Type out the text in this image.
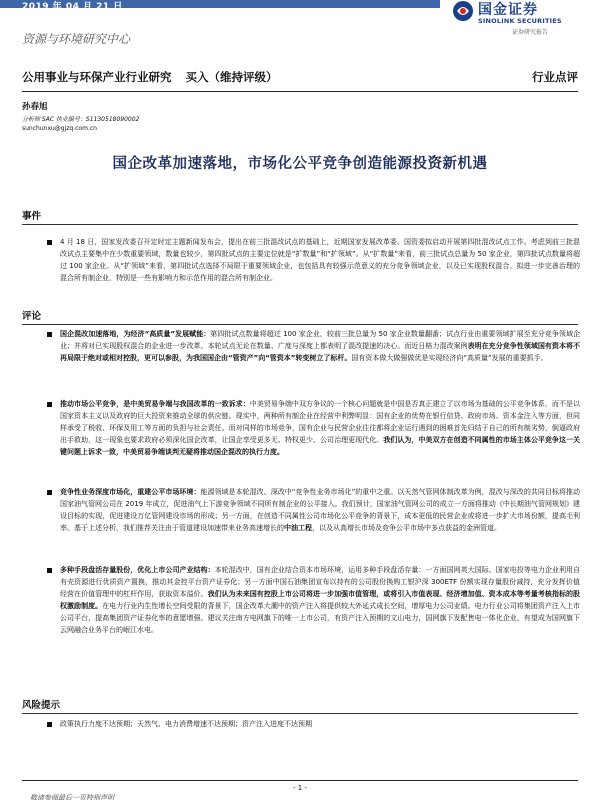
2019 年 04 月 21 日	国金证券
SINOLINK SECURITIES
证券研究报告
资源与环境研究中心
公用事业与环保产业行业研究 买入（维持评级）	行业点评
孙春旭
分析师 SAC 执业编号：S1130518090002
sunchunxu@gjzq.com.cn
国企改革加速落地，市场化公平竞争创造能源投资新机遇
事件
4 月 18 日，国家发改委召开定时定主题新闻发布会，提出在前三批混改试点的基础上，近期国家发展改革委、国资委拟启动开展第四批混改试点工作。考虑到前三批混改试点主要集中在少数重要领域，数量也较少，第四批试点的主要定位就是“扩数量”和“扩领域”。从“扩数量”来看，前三批试点总量为 50 家企业，第四批试点数量将超过 100 家企业。从“扩领域”来看，第四批试点选择不局限于重要领域企业，也包括具有较强示范意义的充分竞争领域企业，以及已实现股权混合、拟进一步完善治理的混合所有制企业，特别是一些有影响力和示范作用的混合所有制企业。
评论
国企混改加速落地，为经济“高质量”发展赋能：第四批试点数量将超过 100 家企业，较前三批总量为 50 家企业数量翻番；试点行业由重要领域扩展至充分竞争领域企业；并将对已实现股权混合的企业进一步改革。本轮试点无论在数量、广度与深度上都表明了混改提速的决心。而近日格力混改案例表明在充分竞争性领域国有资本将不再局限于绝对或相对控股，更可以参股，为我国国企由“管资产”向“管资本”转变树立了标杆。国有资本做大做强做优是实现经济向“高质量”发展的重要抓手。
推动市场公平竞争，是中美贸易争端与我国改革的一致诉求：中美贸易争端中双方争议的一个核心问题就是中国是否真正建立了以市场为基础的公平竞争体系，而不是以国家资本主义以及政府的巨大投资来推动全球的供应链。现实中，两种所有制企业在经营中利弊明显：国有企业的优势在银行信贷、政府市场、资本金注入等方面，但同样承受了税收、环保及用工等方面的负担与社会责任。而对同样的市场竞争，国有企业与民营企业往往都将企业运行遇到的困难首先归结于自己的所有制劣势，倒逼政府出手救助，这一现象也要求政府必须深化国企改革，让国企享受更多无、特权更少、公司治理更现代化。我们认为，中美双方在创造不同属性的市场主体公平竞争这一关键问题上诉求一致，中美贸易争端谈判无疑将推动国企混改的执行力度。
竞争性业务深度市场化，重建公平市场环境：能源领域是本轮混改、深改中“竞争性业务市场化”的重中之重。以天然气管网体制改革为例，混改与深改的共同目标将推动国家油气管网公司在 2019 年成立，促进油气上下游竞争领域不同所有制企业的公平接入。我们预计，国家油气管网公司的成立一方面将推动《中长期油气管网规划》建设目标的实现，促进建设万亿管网建设市场的形成；另一方面，在创造不同属性公司市场化公平竞争的背景下，成本更低的民营企业或将进一步扩大市场份额，提高毛利率。基于上述分析，我们推荐关注由于管道建设加速带来业务高速增长的中油工程，以及从高增长市场及竞争公平市场中多点获益的金洲管道。
多种手段盘活存量股份，优化上市公司产业结构：本轮混改中，国有企业结合资本市场环境，运用多种手段盘活存量：一方面国网英大国际、国家电投等电力企业利用自有壳资源进行优质资产置换，推动其金控平台资产证券化；另一方面中国石油集团宣布以持有的公司股份换购工银沪深 300ETF 份额实现存量股份减持，充分发挥价值经营在价值管理中的杠杆作用，获取资本溢价。我们认为未来国有控股上市公司将进一步加强市值管理，或将引入市值表现、经济增加值、资本成本等考量考核指标的股权激励制度。在电力行业内生性增长空间受限的背景下，国企改革大潮中的资产注入将提供较大外延式成长空间，增厚电力公司业绩。电力行业公司将集团资产注入上市公司平台，提高集团资产证券化率的意愿增强。建议关注南方电网旗下的唯一上市公司，有资产注入预期的文山电力，国网旗下发配售电一体化企业，有望成为国网旗下云网融合业务平台的岷江水电。
风险提示
政策执行力度不达预期；天然气、电力消费增速不达预期；资产注入进度不达预期
- 1 -
敬请参阅最后一页特别声明
